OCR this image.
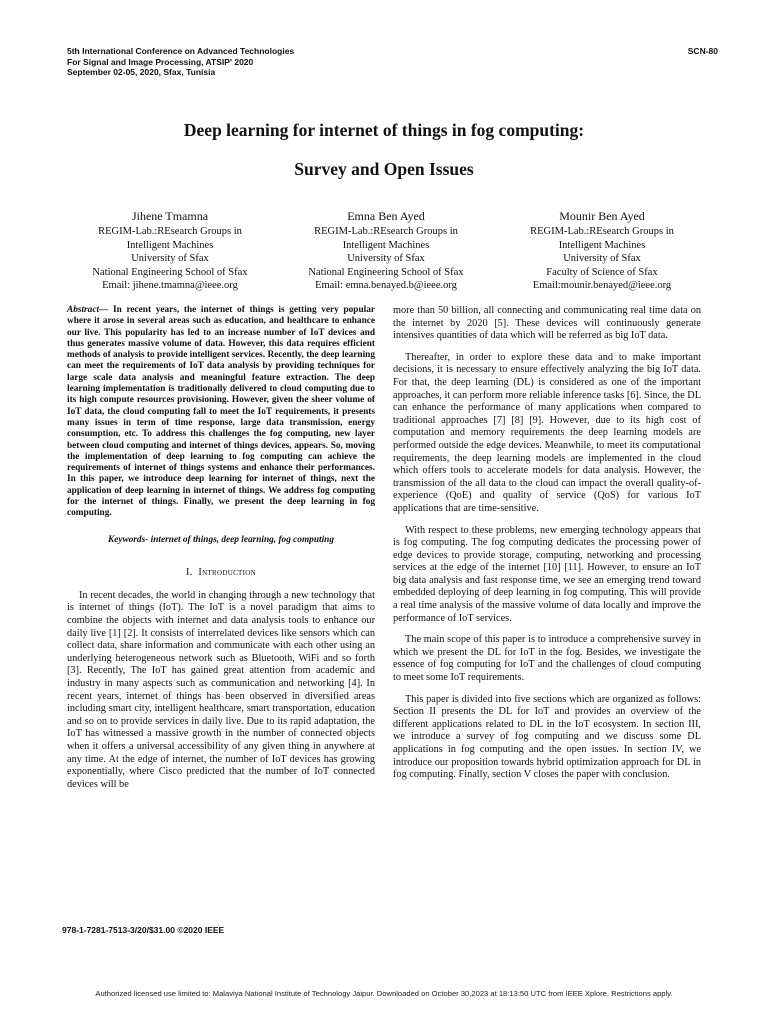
5th International Conference on Advanced Technologies
For Signal and Image Processing, ATSIP' 2020
September 02-05, 2020, Sfax, Tunisia
SCN-80
Deep learning for internet of things in fog computing:
Survey and Open Issues
Jihene Tmamna
REGIM-Lab.:REsearch Groups in
Intelligent Machines
University of Sfax
National Engineering School of Sfax
Email: jihene.tmamna@ieee.org
Emna Ben Ayed
REGIM-Lab.:REsearch Groups in
Intelligent Machines
University of Sfax
National Engineering School of Sfax
Email: emna.benayed.b@ieee.org
Mounir Ben Ayed
REGIM-Lab.:REsearch Groups in
Intelligent Machines
University of Sfax
Faculty of Science of Sfax
Email:mounir.benayed@ieee.org

Abstract— In recent years, the internet of things is getting very popular where it arose in several areas such as education, and healthcare to enhance our live. This popularity has led to an increase number of IoT devices and thus generates massive volume of data. However, this data requires efficient methods of analysis to provide intelligent services. Recently, the deep learning can meet the requirements of IoT data analysis by providing techniques for large scale data analysis and meaningful feature extraction. The deep learning implementation is traditionally delivered to cloud computing due to its high compute resources provisioning. However, given the sheer volume of IoT data, the cloud computing fall to meet the IoT requirements, it presents many issues in term of time response, large data transmission, energy consumption, etc. To address this challenges the fog computing, new layer between cloud computing and internet of things devices, appears. So, moving the implementation of deep learning to fog computing can achieve the requirements of internet of things systems and enhance their performances. In this paper, we introduce deep learning for internet of things, next the application of deep learning in internet of things. We address fog computing for the internet of things. Finally, we present the deep learning in fog computing.

Keywords- internet of things, deep learning, fog computing

I. Introduction

In recent decades, the world in changing through a new technology that is internet of things (IoT). The IoT is a novel paradigm that aims to combine the objects with internet and data analysis tools to enhance our daily live [1] [2]. It consists of interrelated devices like sensors which can collect data, share information and communicate with each other using an underlying heterogeneous network such as Bluetooth, WiFi and so forth [3]. Recently, The IoT has gained great attention from academic and industry in many aspects such as communication and networking [4]. In recent years, internet of things has been observed in diversified areas including smart city, intelligent healthcare, smart transportation, education and so on to provide services in daily live. Due to its rapid adaptation, the IoT has witnessed a massive growth in the number of connected objects when it offers a universal accessibility of any given thing in anywhere at any time. At the edge of internet, the number of IoT devices has growing exponentially, where Cisco predicted that the number of IoT connected devices will be

more than 50 billion, all connecting and communicating real time data on the internet by 2020 [5]. These devices will continuously generate intensives quantities of data which will be referred as big IoT data.

Thereafter, in order to explore these data and to make important decisions, it is necessary to ensure effectively analyzing the big IoT data. For that, the deep learning (DL) is considered as one of the important approaches, it can perform more reliable inference tasks [6]. Since, the DL can enhance the performance of many applications when compared to traditional approaches [7] [8] [9]. However, due to its high cost of computation and memory requirements the deep learning models are performed outside the edge devices. Meanwhile, to meet its computational requirements, the deep learning models are implemented in the cloud which offers tools to accelerate models for data analysis. However, the transmission of the all data to the cloud can impact the overall quality-of-experience (QoE) and quality of service (QoS) for various IoT applications that are time-sensitive.

With respect to these problems, new emerging technology appears that is fog computing. The fog computing dedicates the processing power of edge devices to provide storage, computing, networking and processing services at the edge of the internet [10] [11]. However, to ensure an IoT big data analysis and fast response time, we see an emerging trend toward embedded deploying of deep learning in fog computing. This will provide a real time analysis of the massive volume of data locally and improve the performance of IoT services.

The main scope of this paper is to introduce a comprehensive survey in which we present the DL for IoT in the fog. Besides, we investigate the essence of fog computing for IoT and the challenges of cloud computing to meet some IoT requirements.

This paper is divided into five sections which are organized as follows: Section II presents the DL for IoT and provides an overview of the different applications related to DL in the IoT ecosystem. In section III, we introduce a survey of fog computing and we discuss some DL applications in fog computing and the open issues. In section IV, we introduce our proposition towards hybrid optimization approach for DL in fog computing. Finally, section V closes the paper with conclusion.

978-1-7281-7513-3/20/$31.00 ©2020 IEEE
Authorized licensed use limited to: Malaviya National Institute of Technology Jaipur. Downloaded on October 30,2023 at 18:13:50 UTC from IEEE Xplore. Restrictions apply.
